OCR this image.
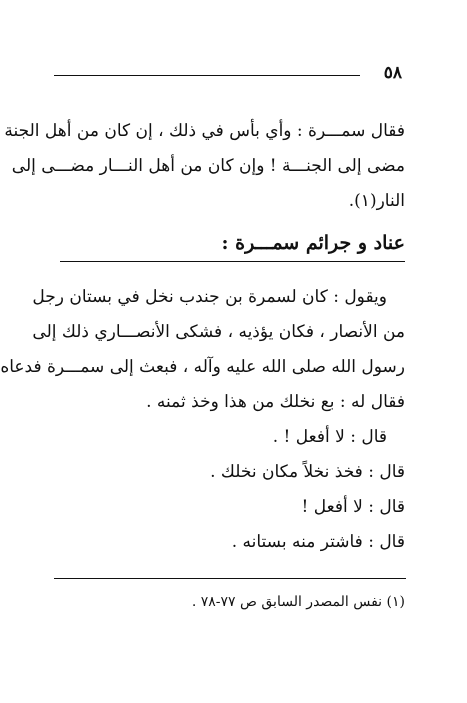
٥٨
فقال سمـــرة : وأي بأس في ذلك ، إن كان من أهل الجنة
مضى إلى الجنـــة ! وإن كان من أهل النـــار مضـــى إلى
النار(١).
عناد و جرائم سمـــرة :
ويقول : كان لسمرة بن جندب نخل في بستان رجل
من الأنصار ، فكان يؤذيه ، فشكى الأنصـــاري ذلك إلى
رسول الله صلى الله عليه وآله ، فبعث إلى سمـــرة فدعاه
فقال له : بع نخلك من هذا وخذ ثمنه .
قال : لا أفعل ! .
قال : فخذ نخلاً مكان نخلك .
قال : لا أفعل !
قال : فاشتر منه بستانه .
(١) نفس المصدر السابق ص ٧٧-٧٨ .
